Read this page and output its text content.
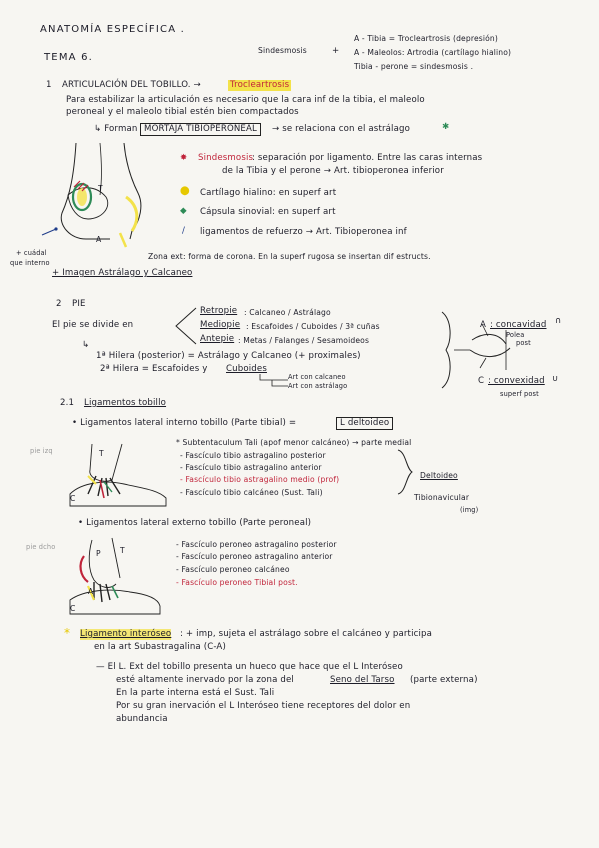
ANATOMÍA ESPECÍFICA .
TEMA 6.
Sindesmosis	+
A - Tibia = Trocleartrosis (depresión)
A - Maleolos: Artrodia (cartílago hialino)
Tibia - perone = sindesmosis .
1 ARTICULACIÓN DEL TOBILLO. →	Trocleartrosis
Para estabilizar la articulación es necesario que la cara inf de la tibia, el maleolo
peroneal y el maleolo tibial estén bien compactados
↳ Forman MORTAJA TIBIOPERONEAL	→ se relaciona con el astrálago	✱
T
A
✸ Sindesmosis
: separación por ligamento. Entre las caras internas
de la Tibia y el perone → Art. tibioperonea inferior
⬤ Cartílago hialino: en superf art
◆ Cápsula sinovial: en superf art
/ ligamentos de refuerzo → Art. Tibioperonea inf
+ cuádal
que interno
Zona ext: forma de corona. En la superf rugosa se insertan dif estructs.
+ Imagen Astrálago y Calcaneo
2 PIE
El pie se divide en
Retropie : Calcaneo / Astrálago
Mediopie : Escafoides / Cuboides / 3ª cuñas
Antepie : Metas / Falanges / Sesamoideos
↳
1ª Hilera (posterior) = Astrálago y Calcaneo (+ proximales)
2ª Hilera = Escafoides y Cuboides
Art con calcaneo
Art con astrálago
A : concavidad ∩
Polea
post
C : convexidad ∪
superf post
2.1 Ligamentos tobillo
• Ligamentos lateral interno tobillo (Parte tibial) =	L deltoideo
* Subtentaculum Tali (apof menor calcáneo) → parte medial
- Fascículo tibio astragalino posterior
- Fascículo tibio astragalino anterior
- Fascículo tibio astragalino medio (prof)
- Fascículo tibio calcáneo (Sust. Tali)
Deltoideo
Tibionavicular
(img)
pie izq	T
C
• Ligamentos lateral externo tobillo (Parte peroneal)
- Fascículo peroneo astragalino posterior
- Fascículo peroneo astragalino anterior
- Fascículo peroneo calcáneo
- Fascículo peroneo Tibial post.
pie dcho
P	T
A
C
* Ligamento interóseo : + imp, sujeta el astrálago sobre el calcáneo y participa
en la art Subastragalina (C-A)
— El L. Ext del tobillo presenta un hueco que hace que el L Interóseo
esté altamente inervado por la zona del	Seno del Tarso (parte externa)
En la parte interna está el Sust. Tali
Por su gran inervación el L Interóseo tiene receptores del dolor en
abundancia
